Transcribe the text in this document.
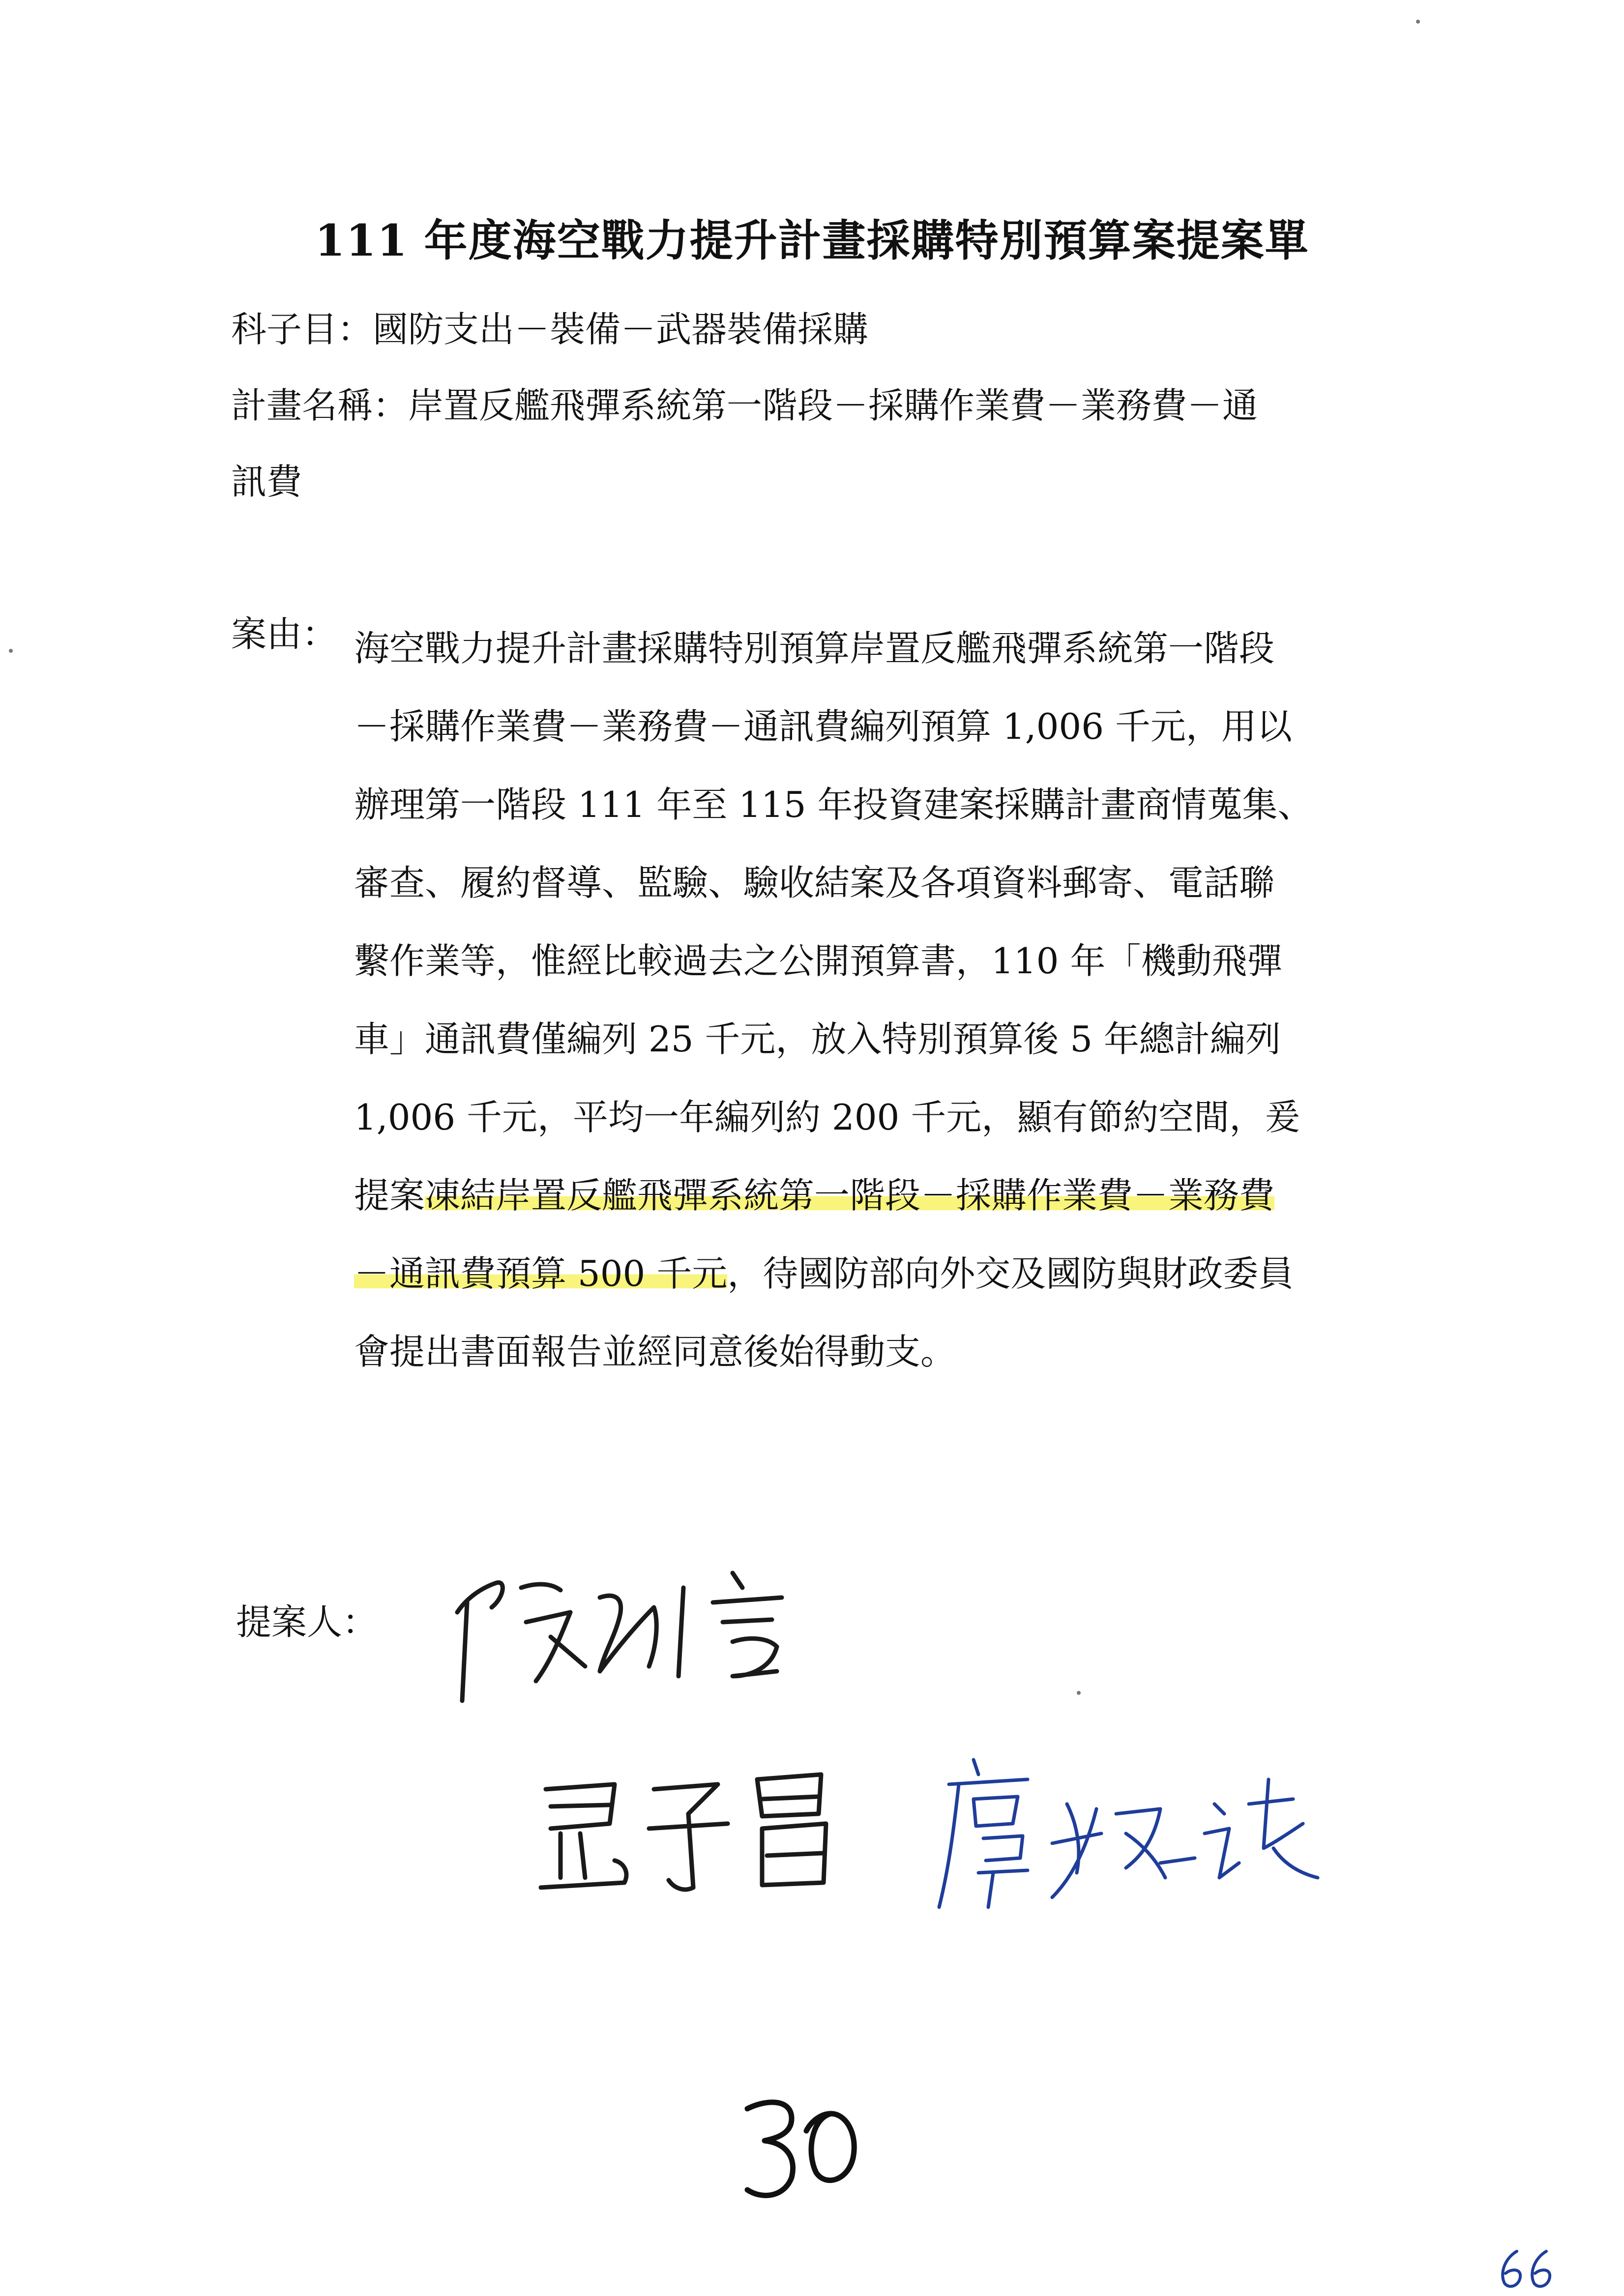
111 年度海空戰力提升計畫採購特別預算案提案單
科子目：國防支出－裝備－武器裝備採購
計畫名稱：岸置反艦飛彈系統第一階段－採購作業費－業務費－通
訊費
案由： 海空戰力提升計畫採購特別預算岸置反艦飛彈系統第一階段
－採購作業費－業務費－通訊費編列預算 1,006 千元，用以
辦理第一階段 111 年至 115 年投資建案採購計畫商情蒐集、
審查、履約督導、監驗、驗收結案及各項資料郵寄、電話聯
繫作業等，惟經比較過去之公開預算書，110 年「機動飛彈
車」通訊費僅編列 25 千元，放入特別預算後 5 年總計編列
1,006 千元，平均一年編列約 200 千元，顯有節約空間，爰
提案凍結岸置反艦飛彈系統第一階段－採購作業費－業務費
－通訊費預算 500 千元，待國防部向外交及國防與財政委員
會提出書面報告並經同意後始得動支。
提案人：
